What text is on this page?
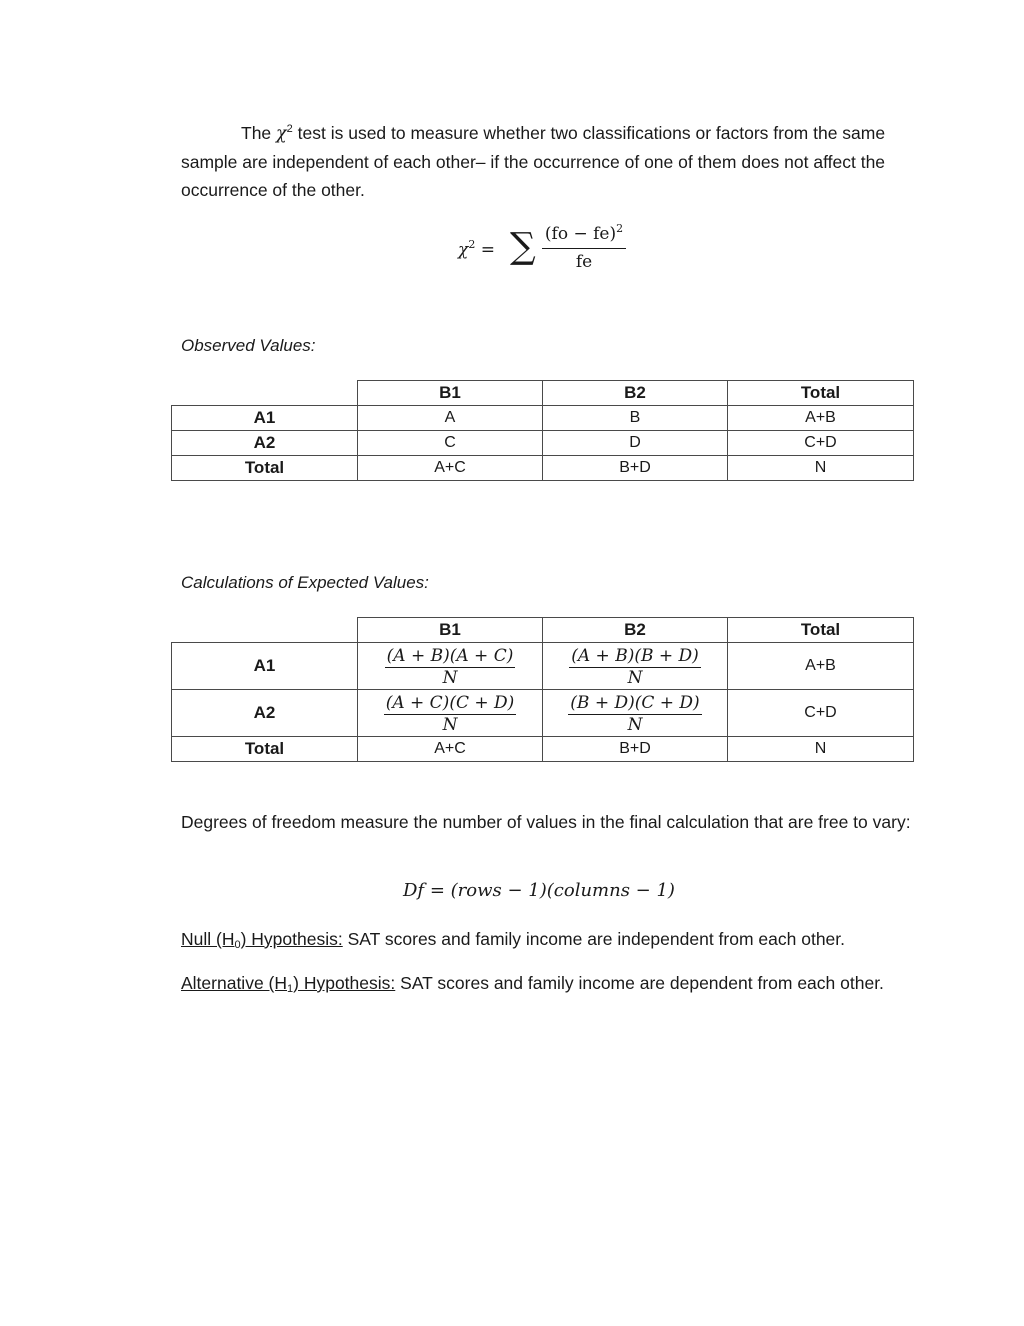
The $\chi^2$ test is used to measure whether two classifications or factors from the same sample are independent of each other– if the occurrence of one of them does not affect the occurrence of the other.

$\chi^2$ = ∑ $\frac{(fo - fe)^2}{fe}$
Observed Values:
	B1	B2	Total
A1	A	B	A+B
A2	C	D	C+D
Total	A+C	B+D	N
Calculations of Expected Values:
	B1	B2	Total
A1	$\frac{(A + B)(A + C)}{N}$	$\frac{(A + B)(B + D)}{N}$	A+B
A2	$\frac{(A + C)(C + D)}{N}$	$\frac{(B + D)(C + D)}{N}$	C+D
Total	A+C	B+D	N

Degrees of freedom measure the number of values in the final calculation that are free to vary:

Df = (rows − 1)(columns − 1)

Null $(H_0)$ Hypothesis: SAT scores and family income are independent from each other.

Alternative $(H_1)$ Hypothesis: SAT scores and family income are dependent from each other.
